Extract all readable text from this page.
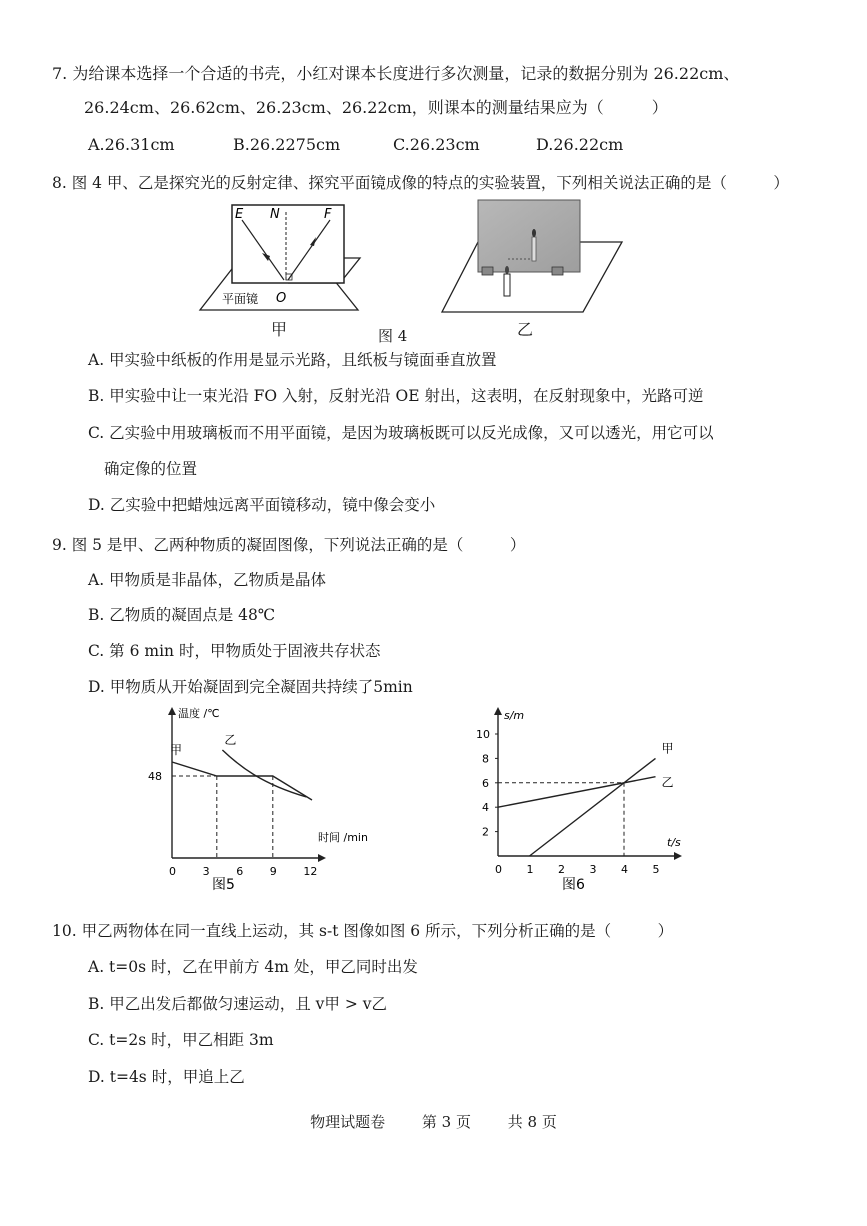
7. 为给课本选择一个合适的书壳，小红对课本长度进行多次测量，记录的数据分别为 26.22cm、
26.24cm、26.62cm、26.23cm、26.22cm，则课本的测量结果应为（　　　）
A.26.31cm	B.26.2275cm	C.26.23cm	D.26.22cm
8. 图 4 甲、乙是探究光的反射定律、探究平面镜成像的特点的实验装置，下列相关说法正确的是（　　　）
E N	F
O
平面镜
甲	图 4	乙
A. 甲实验中纸板的作用是显示光路，且纸板与镜面垂直放置
B. 甲实验中让一束光沿 FO 入射，反射光沿 OE 射出，这表明，在反射现象中，光路可逆
C. 乙实验中用玻璃板而不用平面镜，是因为玻璃板既可以反光成像，又可以透光，用它可以
确定像的位置
D. 乙实验中把蜡烛远离平面镜移动，镜中像会变小
9. 图 5 是甲、乙两种物质的凝固图像，下列说法正确的是（　　　）
A. 甲物质是非晶体，乙物质是晶体
B. 乙物质的凝固点是 48℃
C. 第 6 min 时，甲物质处于固液共存状态
D. 甲物质从开始凝固到完全凝固共持续了5min
温度 /℃
时间 /min
0 3 6 9 12
48
甲
乙
图5
s/m
t/s
0 1 2 3 4 5
2
4
6
8
10
甲
乙
图6
10. 甲乙两物体在同一直线上运动，其 s-t 图像如图 6 所示，下列分析正确的是（　　　）
A. t=0s 时，乙在甲前方 4m 处，甲乙同时出发
B. 甲乙出发后都做匀速运动，且 v甲 > v乙
C. t=2s 时，甲乙相距 3m
D. t=4s 时，甲追上乙
物理试题卷 第 3 页 共 8 页
